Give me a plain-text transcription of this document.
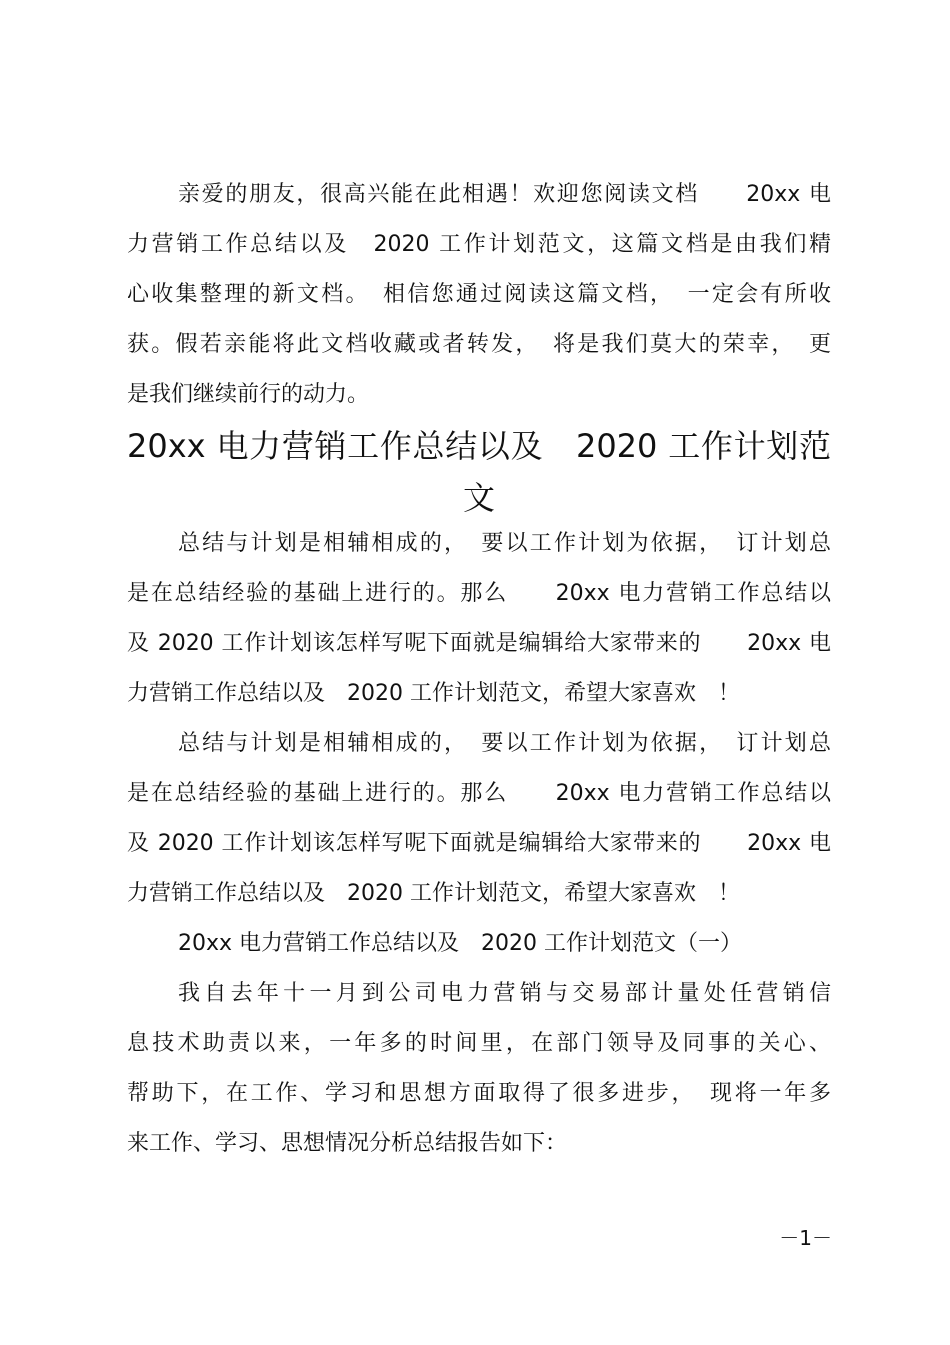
亲爱的朋友，很高兴能在此相遇！欢迎您阅读文档　　20xx 电
力营销工作总结以及　2020 工作计划范文，这篇文档是由我们精
心收集整理的新文档。　相信您通过阅读这篇文档，　一定会有所收
获。假若亲能将此文档收藏或者转发，　将是我们莫大的荣幸，　更
是我们继续前行的动力。
20xx 电力营销工作总结以及　2020 工作计划范
文
总结与计划是相辅相成的，　要以工作计划为依据，　订计划总
是在总结经验的基础上进行的。那么　　20xx 电力营销工作总结以
及 2020 工作计划该怎样写呢下面就是编辑给大家带来的　　20xx 电
力营销工作总结以及　2020 工作计划范文，希望大家喜欢　！
总结与计划是相辅相成的，　要以工作计划为依据，　订计划总
是在总结经验的基础上进行的。那么　　20xx 电力营销工作总结以
及 2020 工作计划该怎样写呢下面就是编辑给大家带来的　　20xx 电
力营销工作总结以及　2020 工作计划范文，希望大家喜欢　！
20xx 电力营销工作总结以及　2020 工作计划范文（一）
我自去年十一月到公司电力营销与交易部计量处任营销信
息技术助责以来，一年多的时间里，在部门领导及同事的关心、
帮助下，在工作、学习和思想方面取得了很多进步，　现将一年多
来工作、学习、思想情况分析总结报告如下：
－1－
